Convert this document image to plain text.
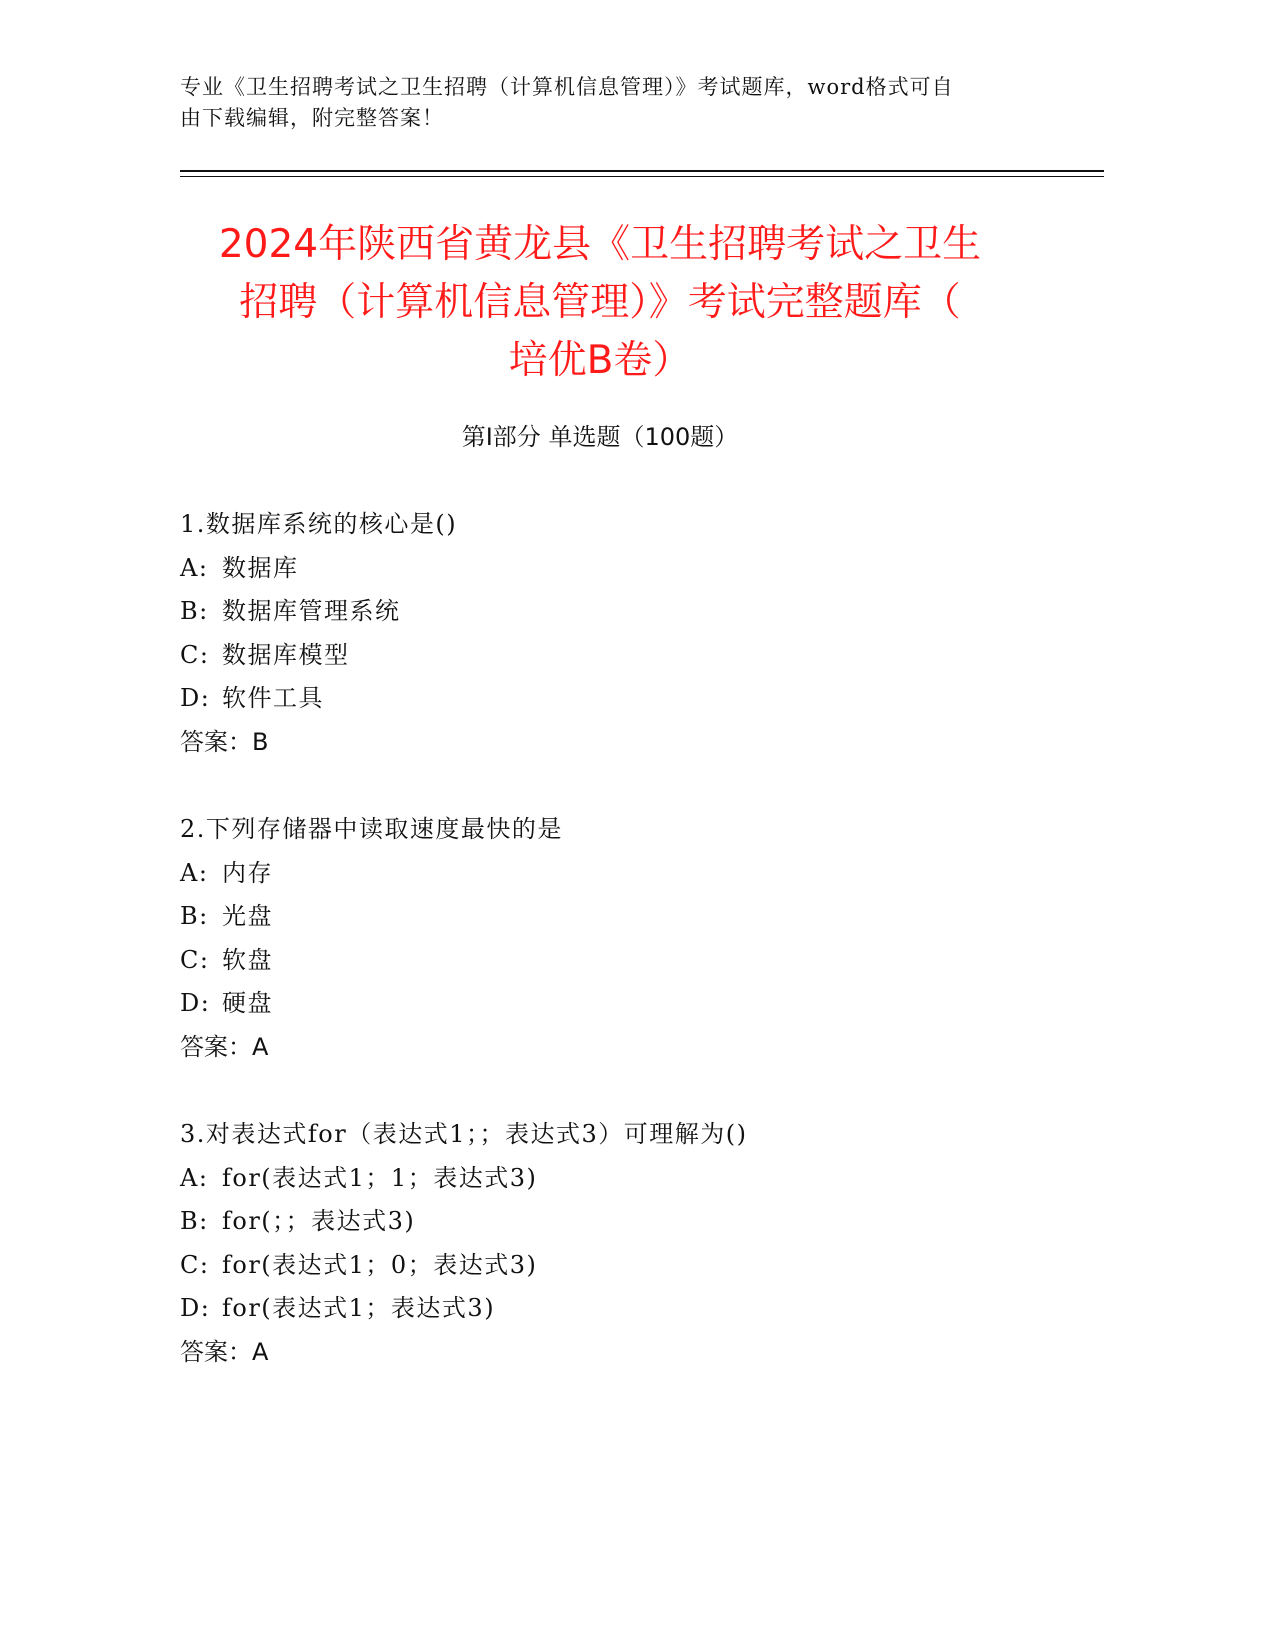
专业《卫生招聘考试之卫生招聘（计算机信息管理）》考试题库，word格式可自
由下载编辑，附完整答案！
2024年陕西省黄龙县《卫生招聘考试之卫生
招聘（计算机信息管理）》考试完整题库（
培优B卷）
第Ⅰ部分 单选题（100题）
1.数据库系统的核心是()
A: 数据库
B: 数据库管理系统
C: 数据库模型
D: 软件工具
答案：B
2.下列存储器中读取速度最快的是
A: 内存
B: 光盘
C: 软盘
D: 硬盘
答案：A
3.对表达式for（表达式1；；表达式3）可理解为()
A: for(表达式1；1；表达式3)
B: for(；；表达式3)
C: for(表达式1；0；表达式3)
D: for(表达式1；表达式3)
答案：A
